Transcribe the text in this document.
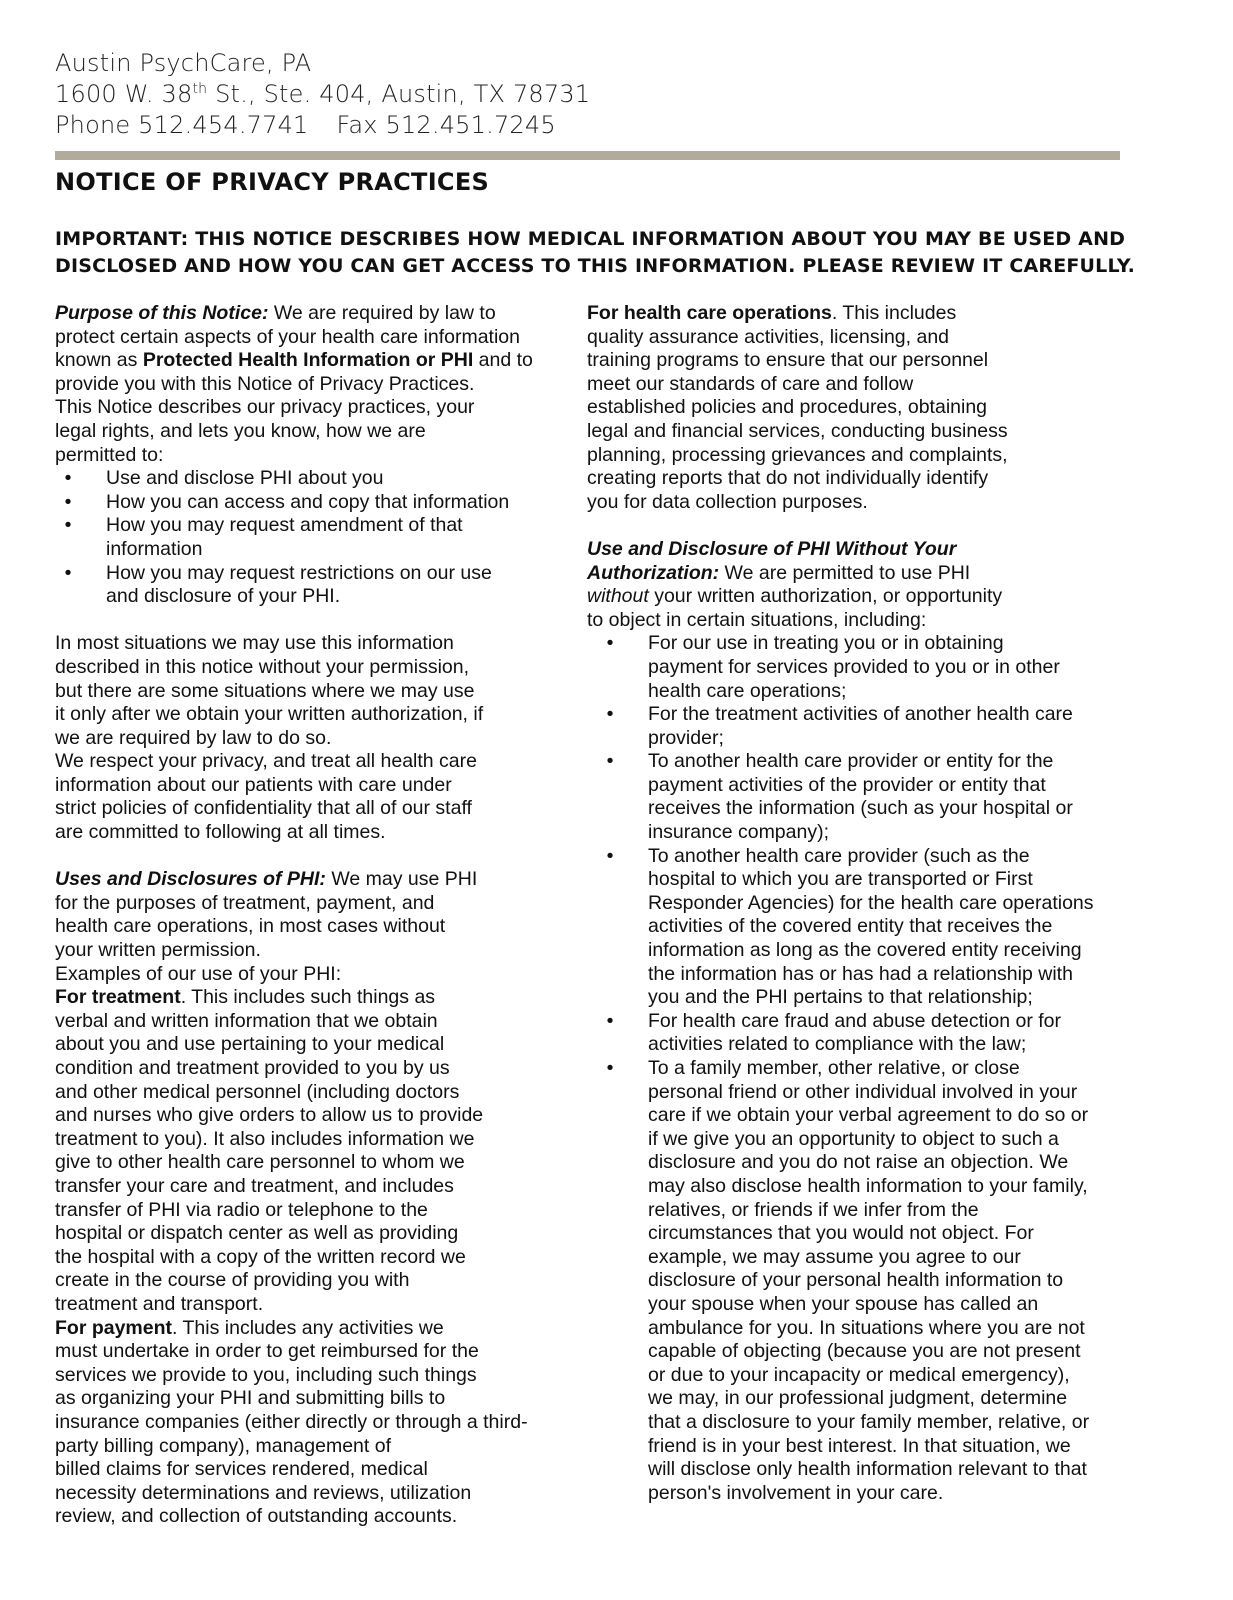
Austin PsychCare, PA
1600 W. 38th St., Ste. 404, Austin, TX 78731
Phone 512.454.7741 Fax 512.451.7245
NOTICE OF PRIVACY PRACTICES
IMPORTANT: THIS NOTICE DESCRIBES HOW MEDICAL INFORMATION ABOUT YOU MAY BE USED AND
DISCLOSED AND HOW YOU CAN GET ACCESS TO THIS INFORMATION. PLEASE REVIEW IT CAREFULLY.
Purpose of this Notice: We are required by law to
protect certain aspects of your health care information
known as Protected Health Information or PHI and to
provide you with this Notice of Privacy Practices.
This Notice describes our privacy practices, your
legal rights, and lets you know, how we are
permitted to:
• Use and disclose PHI about you
• How you can access and copy that information
• How you may request amendment of that
information
• How you may request restrictions on our use
and disclosure of your PHI.
In most situations we may use this information
described in this notice without your permission,
but there are some situations where we may use
it only after we obtain your written authorization, if
we are required by law to do so.
We respect your privacy, and treat all health care
information about our patients with care under
strict policies of confidentiality that all of our staff
are committed to following at all times.
Uses and Disclosures of PHI: We may use PHI
for the purposes of treatment, payment, and
health care operations, in most cases without
your written permission.
Examples of our use of your PHI:
For treatment. This includes such things as
verbal and written information that we obtain
about you and use pertaining to your medical
condition and treatment provided to you by us
and other medical personnel (including doctors
and nurses who give orders to allow us to provide
treatment to you). It also includes information we
give to other health care personnel to whom we
transfer your care and treatment, and includes
transfer of PHI via radio or telephone to the
hospital or dispatch center as well as providing
the hospital with a copy of the written record we
create in the course of providing you with
treatment and transport.
For payment. This includes any activities we
must undertake in order to get reimbursed for the
services we provide to you, including such things
as organizing your PHI and submitting bills to
insurance companies (either directly or through a third-
party billing company), management of
billed claims for services rendered, medical
necessity determinations and reviews, utilization
review, and collection of outstanding accounts.
For health care operations. This includes
quality assurance activities, licensing, and
training programs to ensure that our personnel
meet our standards of care and follow
established policies and procedures, obtaining
legal and financial services, conducting business
planning, processing grievances and complaints,
creating reports that do not individually identify
you for data collection purposes.
Use and Disclosure of PHI Without Your
Authorization: We are permitted to use PHI
without your written authorization, or opportunity
to object in certain situations, including:
• For our use in treating you or in obtaining
payment for services provided to you or in other
health care operations;
• For the treatment activities of another health care
provider;
• To another health care provider or entity for the
payment activities of the provider or entity that
receives the information (such as your hospital or
insurance company);
• To another health care provider (such as the
hospital to which you are transported or First
Responder Agencies) for the health care operations
activities of the covered entity that receives the
information as long as the covered entity receiving
the information has or has had a relationship with
you and the PHI pertains to that relationship;
• For health care fraud and abuse detection or for
activities related to compliance with the law;
• To a family member, other relative, or close
personal friend or other individual involved in your
care if we obtain your verbal agreement to do so or
if we give you an opportunity to object to such a
disclosure and you do not raise an objection. We
may also disclose health information to your family,
relatives, or friends if we infer from the
circumstances that you would not object. For
example, we may assume you agree to our
disclosure of your personal health information to
your spouse when your spouse has called an
ambulance for you. In situations where you are not
capable of objecting (because you are not present
or due to your incapacity or medical emergency),
we may, in our professional judgment, determine
that a disclosure to your family member, relative, or
friend is in your best interest. In that situation, we
will disclose only health information relevant to that
person's involvement in your care.
